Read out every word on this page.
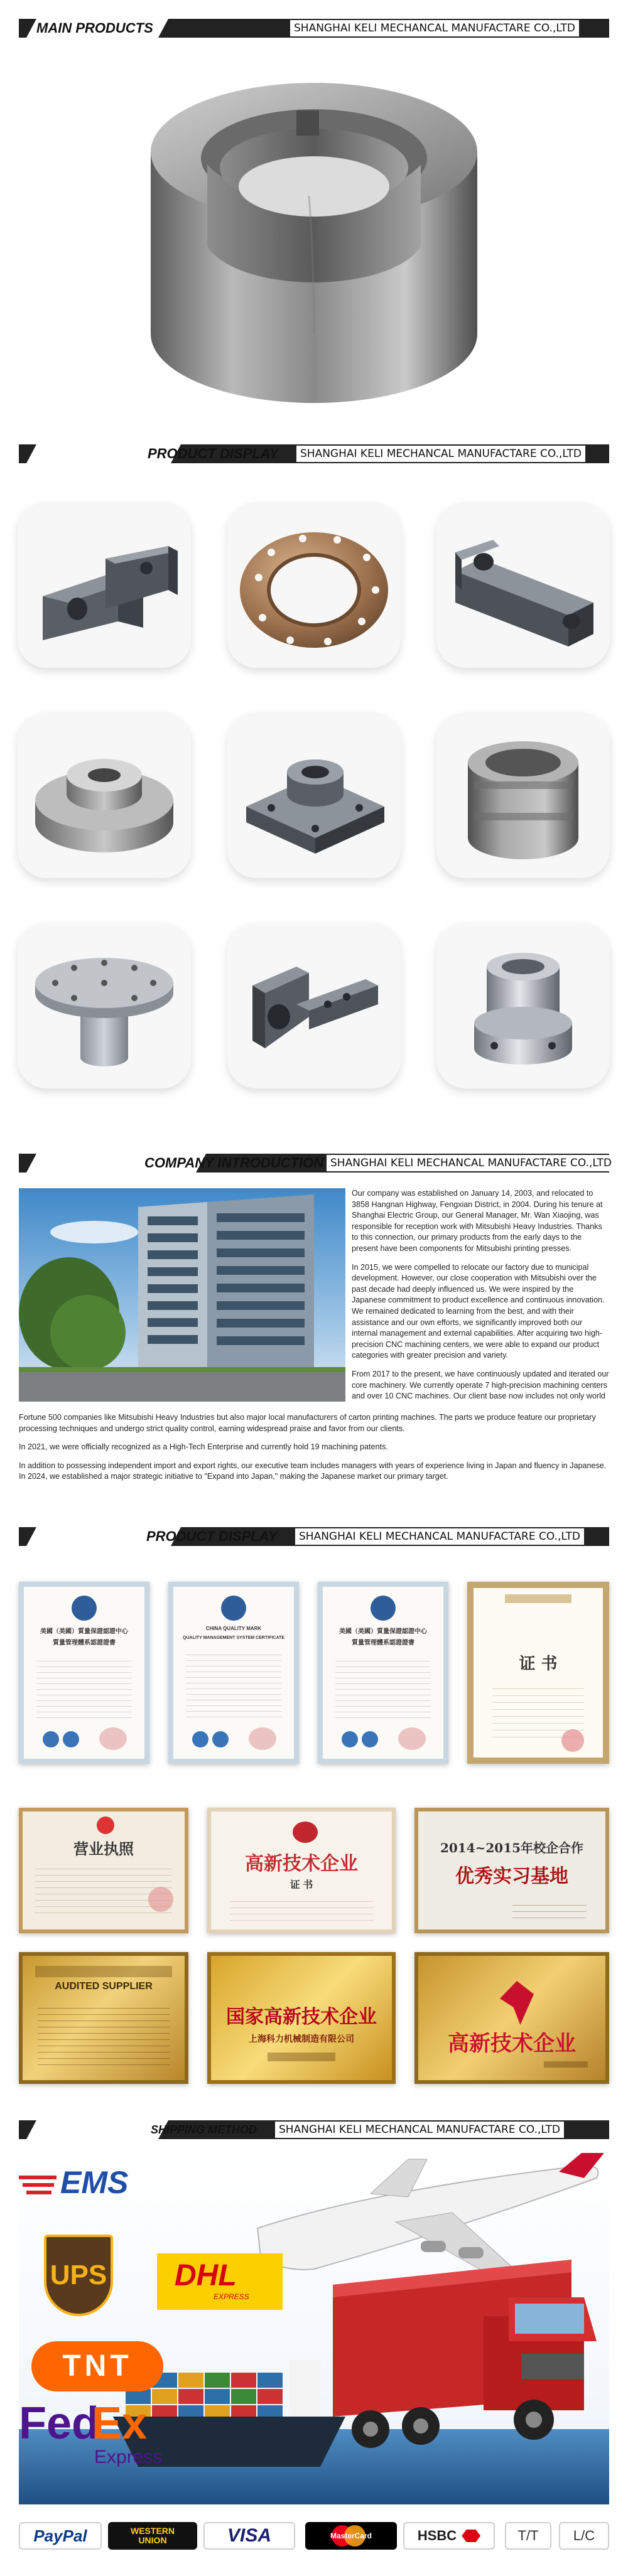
MAIN PRODUCTS	SHANGHAI KELI MECHANCAL MANUFACTARE CO.,LTD
PRODUCT DISPLAY	SHANGHAI KELI MECHANCAL MANUFACTARE CO.,LTD
COMPANY INTRODUCTION SHANGHAI KELI MECHANCAL MANUFACTARE CO.,LTD

Our company was established on January 14, 2003, and relocated to 3858 Hangnan Highway, Fengxian District, in 2004. During his tenure at Shanghai Electric Group, our General Manager, Mr. Wan Xiaojing, was responsible for reception work with Mitsubishi Heavy Industries. Thanks to this connection, our primary products from the early days to the present have been components for Mitsubishi printing presses.

In 2015, we were compelled to relocate our factory due to municipal development. However, our close cooperation with Mitsubishi over the past decade had deeply influenced us. We were inspired by the Japanese commitment to product excellence and continuous innovation. We remained dedicated to learning from the best, and with their assistance and our own efforts, we significantly improved both our internal management and external capabilities. After acquiring two high-precision CNC machining centers, we were able to expand our product categories with greater precision and variety.

From 2017 to the present, we have continuously updated and iterated our core machinery. We currently operate 7 high-precision machining centers and over 10 CNC machines. Our client base now includes not only world

Fortune 500 companies like Mitsubishi Heavy Industries but also major local manufacturers of carton printing machines. The parts we produce feature our proprietary processing techniques and undergo strict quality control, earning widespread praise and favor from our clients.

In 2021, we were officially recognized as a High-Tech Enterprise and currently hold 19 machining patents.

In addition to possessing independent import and export rights, our executive team includes managers with years of experience living in Japan and fluency in Japanese. In 2024, we established a major strategic initiative to "Expand into Japan," making the Japanese market our primary target.

PRODUCT DISPLAY	SHANGHAI KELI MECHANCAL MANUFACTARE CO.,LTD
美國（美國）質量保證認證中心
質量管理體系認證證書
CHINA QUALITY MARK
QUALITY MANAGEMENT SYSTEM CERTIFICATE
美國（美國）質量保證認證中心
質量管理體系認證證書
证 书
营业执照
高新技术企业
证 书
2014~2015年校企合作
优秀实习基地
AUDITED SUPPLIER
国家高新技术企业
上海科力机械制造有限公司	高新技术企业
SHIPPING METHOD	SHANGHAI KELI MECHANCAL MANUFACTARE CO.,LTD
EMS
UPS DHL
EXPRESS
TNT
Fed
Ex
Express
PayPal	WESTERN
UNION	VISA	MasterCard	HSBC	T/T	L/C
